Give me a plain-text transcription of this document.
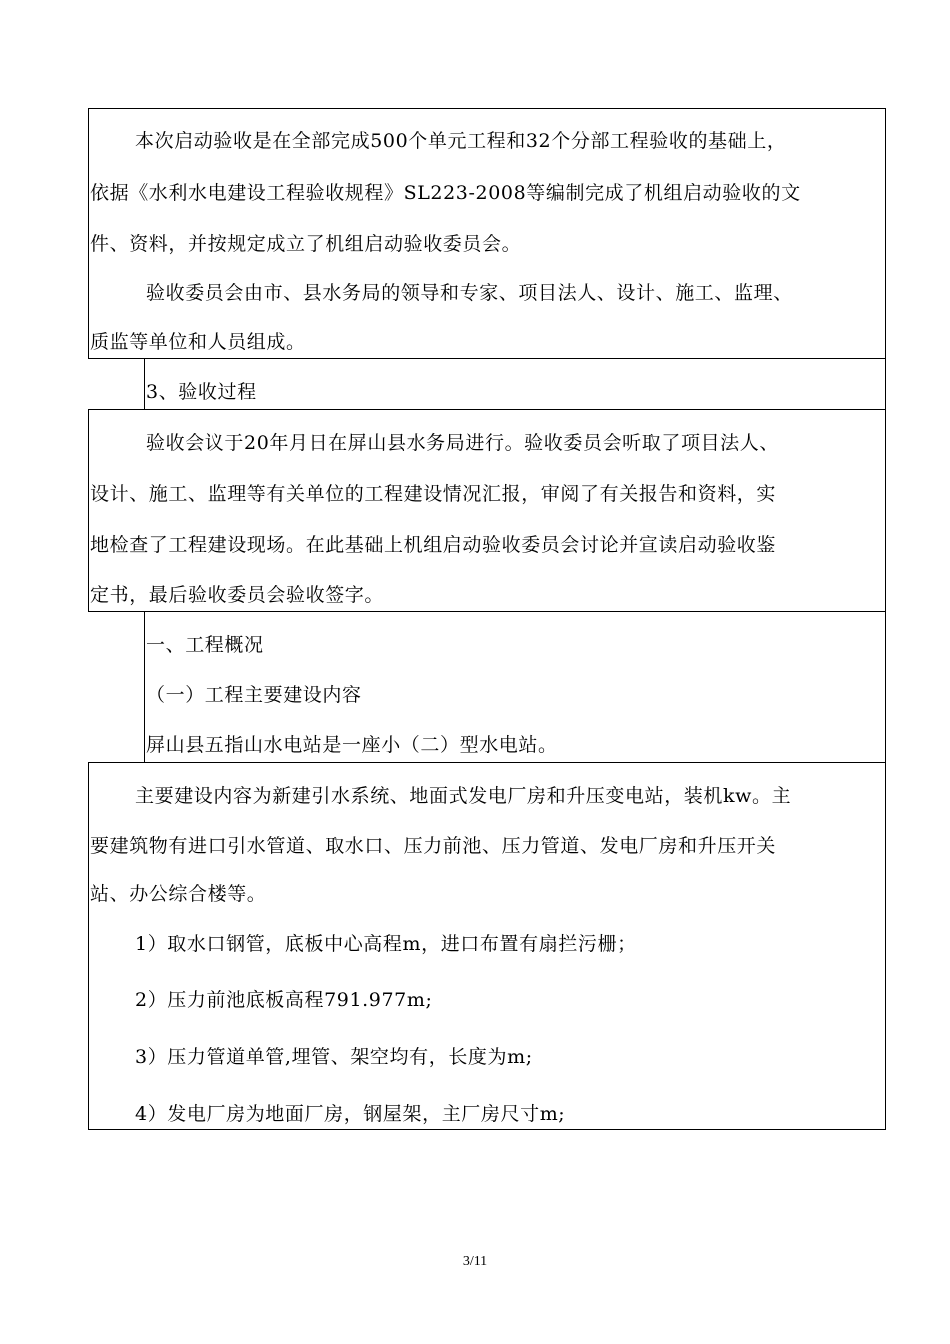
本次启动验收是在全部完成500个单元工程和32个分部工程验收的基础上，
依据《水利水电建设工程验收规程》SL223-2008等编制完成了机组启动验收的文
件、资料，并按规定成立了机组启动验收委员会。
验收委员会由市、县水务局的领导和专家、项目法人、设计、施工、监理、
质监等单位和人员组成。
3、验收过程
验收会议于20年月日在屏山县水务局进行。验收委员会听取了项目法人、
设计、施工、监理等有关单位的工程建设情况汇报，审阅了有关报告和资料，实
地检查了工程建设现场。在此基础上机组启动验收委员会讨论并宣读启动验收鉴
定书，最后验收委员会验收签字。
一、工程概况
（一）工程主要建设内容
屏山县五指山水电站是一座小（二）型水电站。
主要建设内容为新建引水系统、地面式发电厂房和升压变电站，装机kw。主
要建筑物有进口引水管道、取水口、压力前池、压力管道、发电厂房和升压开关
站、办公综合楼等。
1）取水口钢管，底板中心高程m，进口布置有扇拦污栅；
2）压力前池底板高程791.977m;
3）压力管道单管,埋管、架空均有，长度为m;
4）发电厂房为地面厂房，钢屋架，主厂房尺寸m;
3/11
